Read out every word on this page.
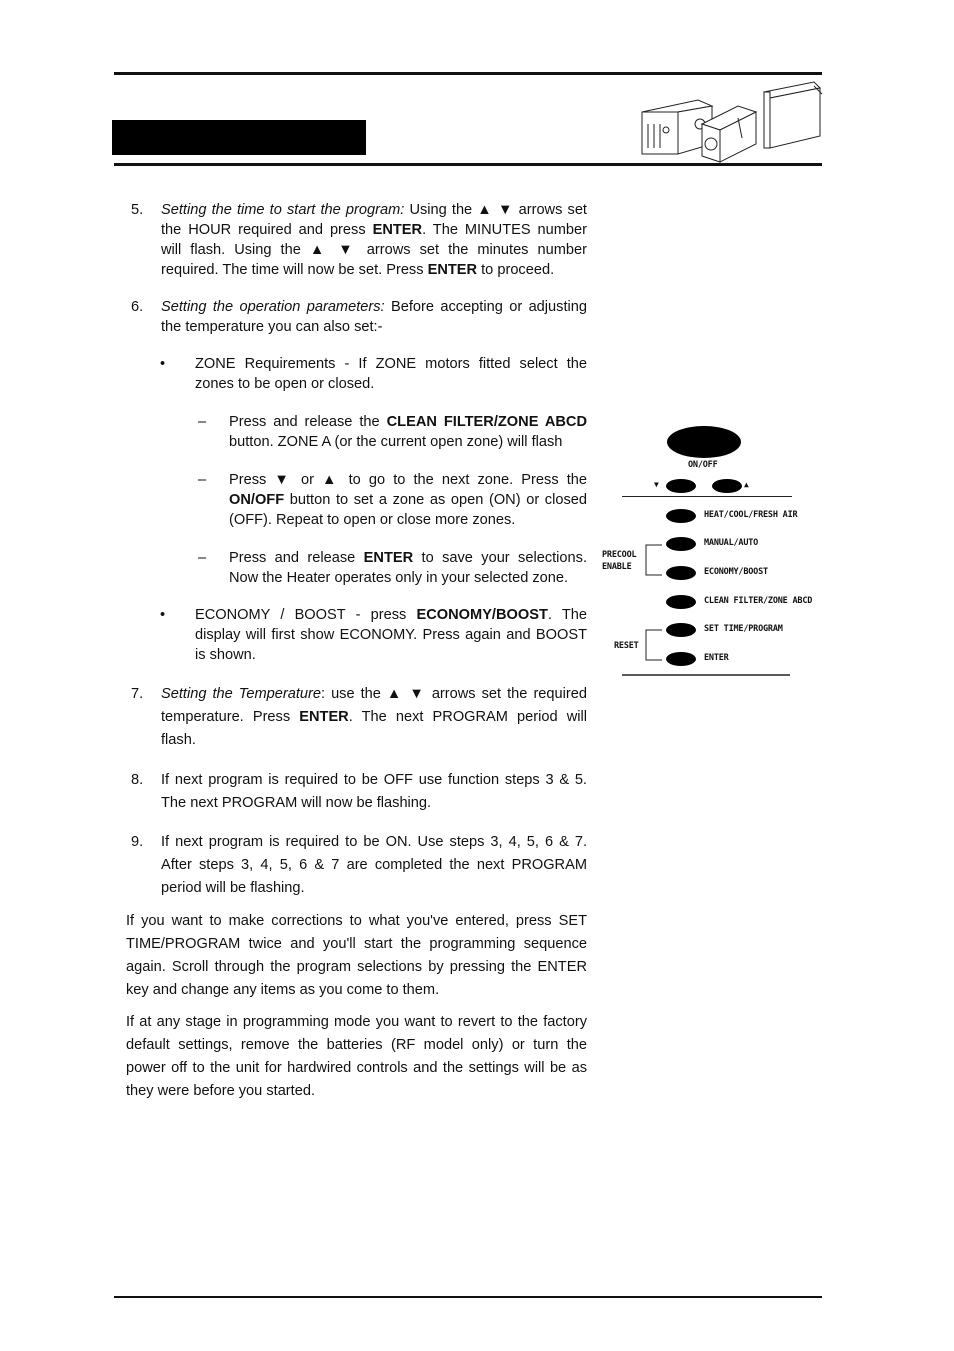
5. Setting the time to start the program: Using the ▲ ▼ arrows set the HOUR required and press ENTER. The MINUTES number will flash. Using the ▲ ▼ arrows set the minutes number required. The time will now be set. Press ENTER to proceed.
6. Setting the operation parameters: Before accepting or adjusting the temperature you can also set:-
• ZONE Requirements - If ZONE motors fitted select the zones to be open or closed.
– Press and release the CLEAN FILTER/ZONE ABCD button. ZONE A (or the current open zone) will flash
– Press ▼ or ▲ to go to the next zone. Press the ON/OFF button to set a zone as open (ON) or closed (OFF). Repeat to open or close more zones.
– Press and release ENTER to save your selections. Now the Heater operates only in your selected zone.
• ECONOMY / BOOST - press ECONOMY/BOOST. The display will first show ECONOMY. Press again and BOOST is shown.
7. Setting the Temperature: use the ▲ ▼ arrows set the required temperature. Press ENTER. The next PROGRAM period will flash.
8. If next program is required to be OFF use function steps 3 & 5. The next PROGRAM will now be flashing.
9. If next program is required to be ON. Use steps 3, 4, 5, 6 & 7. After steps 3, 4, 5, 6 & 7 are completed the next PROGRAM period will be flashing.

If you want to make corrections to what you've entered, press SET TIME/PROGRAM twice and you'll start the programming sequence again. Scroll through the program selections by pressing the ENTER key and change any items as you come to them.

If at any stage in programming mode you want to revert to the factory default settings, remove the batteries (RF model only) or turn the power off to the unit for hardwired controls and the settings will be as they were before you started.

ON/OFF
▼	▲
HEAT/COOL/FRESH AIR
MANUAL/AUTO
ECONOMY/BOOST
CLEAN FILTER/ZONE ABCD
SET TIME/PROGRAM
ENTER
PRECOOL
ENABLE
RESET
